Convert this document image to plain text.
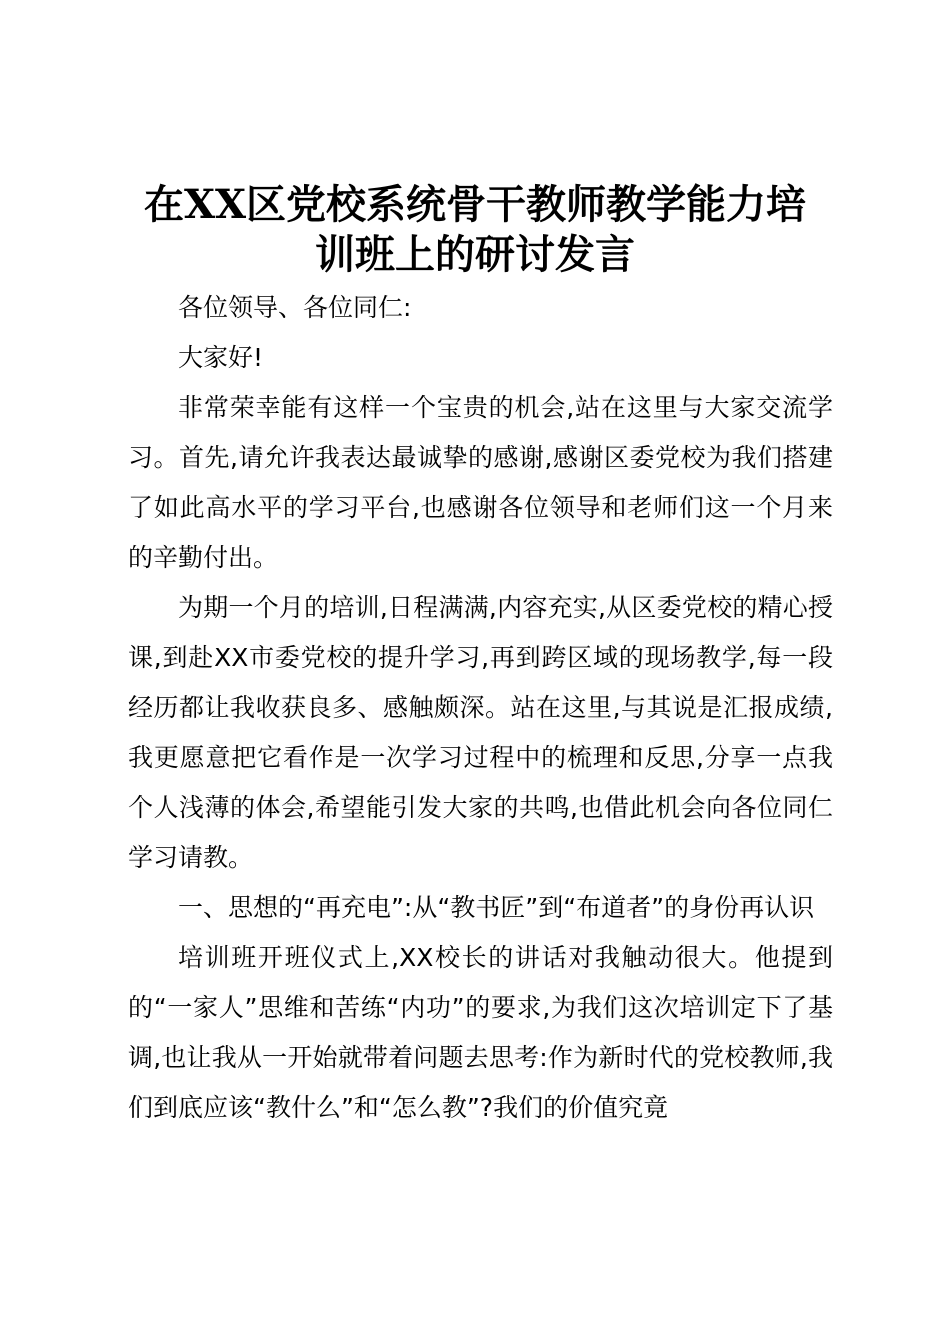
在XX区党校系统骨干教师教学能力培
训班上的研讨发言

各位领导、各位同仁:

大家好!

非常荣幸能有这样一个宝贵的机会,站在这里与大家交流学习。首先,请允许我表达最诚挚的感谢,感谢区委党校为我们搭建了如此高水平的学习平台,也感谢各位领导和老师们这一个月来的辛勤付出。

为期一个月的培训,日程满满,内容充实,从区委党校的精心授课,到赴XX市委党校的提升学习,再到跨区域的现场教学,每一段经历都让我收获良多、感触颇深。站在这里,与其说是汇报成绩,我更愿意把它看作是一次学习过程中的梳理和反思,分享一点我个人浅薄的体会,希望能引发大家的共鸣,也借此机会向各位同仁学习请教。

一、思想的“再充电”:从“教书匠”到“布道者”的身份再认识

培训班开班仪式上,XX校长的讲话对我触动很大。他提到的“一家人”思维和苦练“内功”的要求,为我们这次培训定下了基调,也让我从一开始就带着问题去思考:作为新时代的党校教师,我们到底应该“教什么”和“怎么教”?我们的价值究竟
